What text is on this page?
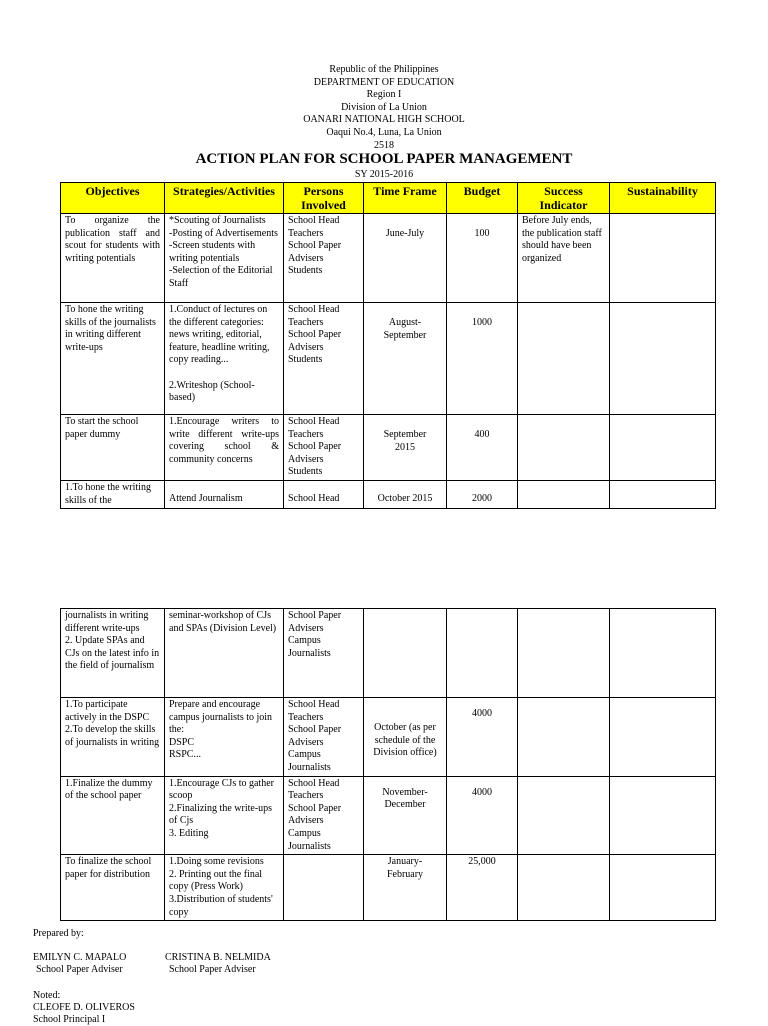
Republic of the Philippines
DEPARTMENT OF EDUCATION
Region I
Division of La Union
OANARI NATIONAL HIGH SCHOOL
Oaqui No.4, Luna, La Union
2518
ACTION PLAN FOR SCHOOL PAPER MANAGEMENT
SY 2015-2016
Objectives	Strategies/Activities	Persons Involved	Time Frame	Budget	Success Indicator	Sustainability
To organize the publication staff and scout for students with writing potentials	*Scouting of Journalists
-Posting of Advertisements
-Screen students with writing potentials
-Selection of the Editorial Staff	School Head
Teachers
School Paper Advisers
Students	June-July	100	Before July ends, the publication staff should have been organized	
To hone the writing skills of the journalists in writing different write-ups	1.Conduct of lectures on the different categories: news writing, editorial, feature, headline writing, copy reading...

2.Writeshop (School-based)	School Head
Teachers
School Paper Advisers
Students	August-
September	1000		
To start the school paper dummy	1.Encourage writers to write different write-ups covering school & community concerns	School Head
Teachers
School Paper Advisers
Students	September
2015	400		
1.To hone the writing skills of the	Attend Journalism	School Head	October 2015	2000		
journalists in writing different write-ups
2. Update SPAs and CJs on the latest info in the field of journalism	seminar-workshop of CJs and SPAs (Division Level)	School Paper Advisers
Campus Journalists				
1.To participate actively in the DSPC
2.To develop the skills of journalists in writing	Prepare and encourage campus journalists to join the:
DSPC
RSPC...	School Head
Teachers
School Paper Advisers
Campus Journalists	October (as per schedule of the Division office)	4000		
1.Finalize the dummy of the school paper	1.Encourage CJs to gather scoop
2.Finalizing the write-ups of Cjs
3. Editing	School Head
Teachers
School Paper Advisers
Campus Journalists	November-
December	4000		
To finalize the school paper for distribution	1.Doing some revisions
2. Printing out the final copy (Press Work)
3.Distribution of students' copy		January-
February	25,000		
Prepared by:
EMILYN C. MAPALO
School Paper Adviser
CRISTINA B. NELMIDA
School Paper Adviser
Noted:
CLEOFE D. OLIVEROS
School Principal I
